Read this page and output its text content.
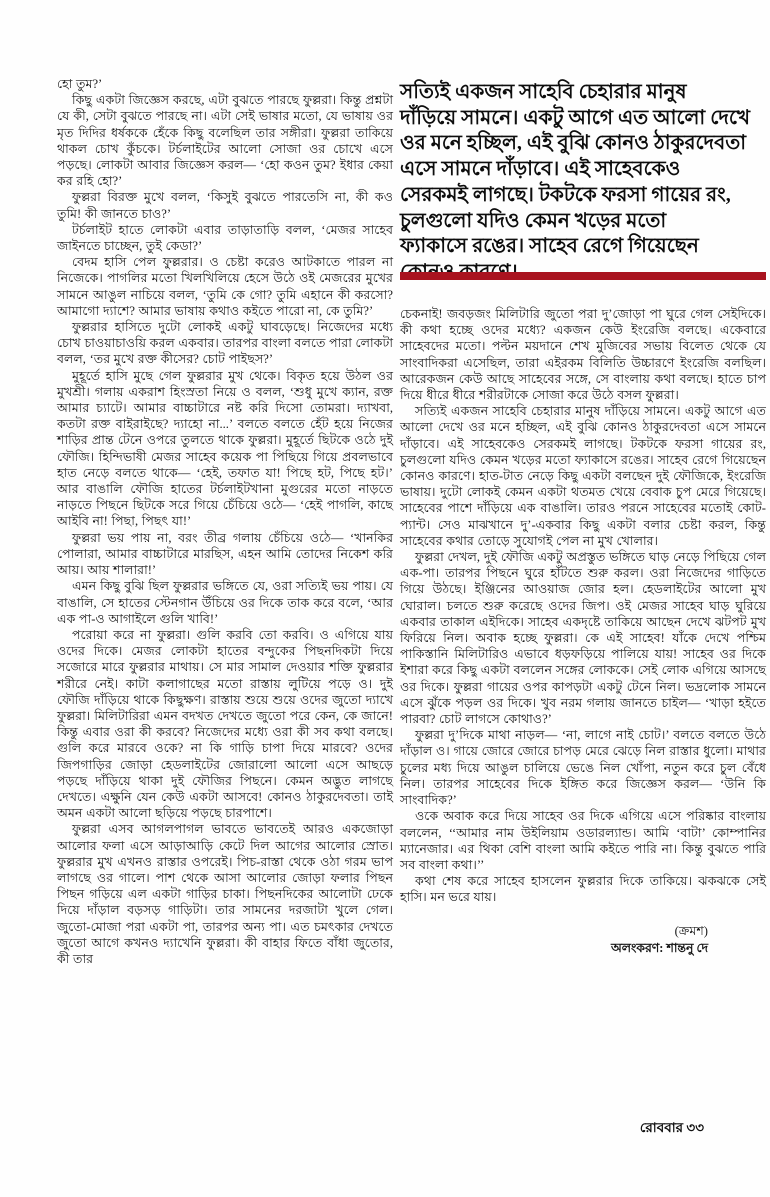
হো তুম?’

কিছু একটা জিজ্ঞেস করছে, এটা বুঝতে পারছে ফুল্লরা। কিন্তু প্রশ্নটা যে কী, সেটা বুঝতে পারছে না। এটা সেই ভাষার মতো, যে ভাষায় ওর মৃত দিদির ধর্ষককে হেঁকে কিছু বলেছিল তার সঙ্গীরা। ফুল্লরা তাকিয়ে থাকল চোখ কুঁচকে। টর্চলাইটের আলো সোজা ওর চোখে এসে পড়ছে। লোকটা আবার জিজ্ঞেস করল— ‘হো কওন তুম? ইধার কেয়া কর রহি হো?’

ফুল্লরা বিরক্ত মুখে বলল, ‘কিসুই বুঝতে পারতেসি না, কী কও তুমি! কী জানতে চাও?’

টর্চলাইট হাতে লোকটা এবার তাড়াতাড়ি বলল, ‘মেজর সাহেব জাইনতে চাচ্ছেন, তুই কেডা?’

বেদম হাসি পেল ফুল্লরার। ও চেষ্টা করেও আটকাতে পারল না নিজেকে। পাগলির মতো খিলখিলিয়ে হেসে উঠে ওই মেজরের মুখের সামনে আঙুল নাচিয়ে বলল, ‘তুমি কে গো? তুমি এহানে কী করসো? আমাগো দ্যাশে? আমার ভাষায় কথাও কইতে পারো না, কে তুমি?’

ফুল্লরার হাসিতে দুটো লোকই একটু ঘাবড়েছে। নিজেদের মধ্যে চোখ চাওয়াচাওয়ি করল একবার। তারপর বাংলা বলতে পারা লোকটা বলল, ‘তর মুখে রক্ত কীসের? চোট পাইছস?’

মুহূর্তে হাসি মুছে গেল ফুল্লরার মুখ থেকে। বিকৃত হয়ে উঠল ওর মুখশ্রী। গলায় একরাশ হিংস্রতা নিয়ে ও বলল, ‘শুধু মুখে ক্যান, রক্ত আমার চ্যাটে। আমার বাচ্চাটারে নষ্ট করি দিসো তোমরা। দ্যাখবা, কতটা রক্ত বাইরাইছে? দ্যাহো না...’ বলতে বলতে হেঁট হয়ে নিজের শাড়ির প্রান্ত টেনে ওপরে তুলতে থাকে ফুল্লরা। মুহূর্তে ছিটকে ওঠে দুই ফৌজি। হিন্দিভাষী মেজর সাহেব কয়েক পা পিছিয়ে গিয়ে প্রবলভাবে হাত নেড়ে বলতে থাকে— ‘হেই, তফাত যা! পিছে হট, পিছে হট।’ আর বাঙালি ফৌজি হাতের টর্চলাইটখানা মুগুরের মতো নাড়তে নাড়তে পিছনে ছিটকে সরে গিয়ে চেঁচিয়ে ওঠে— ‘হেই পাগলি, কাছে আইবি না! পিছা, পিছৎ যা!’

ফুল্লরা ভয় পায় না, বরং তীব্র গলায় চেঁচিয়ে ওঠে— ‘খানকির পোলারা, আমার বাচ্চাটারে মারছিস, এহন আমি তোদের নিকেশ করি আয়। আয় শালারা!’

এমন কিছু বুঝি ছিল ফুল্লরার ভঙ্গিতে যে, ওরা সত্যিই ভয় পায়। যে বাঙালি, সে হাতের স্টেনগান উঁচিয়ে ওর দিকে তাক করে বলে, ‘আর এক পা-ও আগাইলে গুলি খাবি!’

পরোয়া করে না ফুল্লরা। গুলি করবি তো করবি। ও এগিয়ে যায় ওদের দিকে। মেজর লোকটা হাতের বন্দুকের পিছনদিকটা দিয়ে সজোরে মারে ফুল্লরার মাথায়। সে মার সামাল দেওয়ার শক্তি ফুল্লরার শরীরে নেই। কাটা কলাগাছের মতো রাস্তায় লুটিয়ে পড়ে ও। দুই ফৌজি দাঁড়িয়ে থাকে কিছুক্ষণ। রাস্তায় শুয়ে শুয়ে ওদের জুতো দ্যাখে ফুল্লরা। মিলিটারিরা এমন বদখত দেখতে জুতো পরে কেন, কে জানে! কিন্তু এবার ওরা কী করবে? নিজেদের মধ্যে ওরা কী সব কথা বলছে। গুলি করে মারবে ওকে? না কি গাড়ি চাপা দিয়ে মারবে? ওদের জিপগাড়ির জোড়া হেডলাইটের জোরালো আলো এসে আছড়ে পড়ছে দাঁড়িয়ে থাকা দুই ফৌজির পিছনে। কেমন অদ্ভুত লাগছে দেখতে। এক্ষুনি যেন কেউ একটা আসবে! কোনও ঠাকুরদেবতা। তাই অমন একটা আলো ছড়িয়ে পড়ছে চারপাশে।

ফুল্লরা এসব আগলপাগল ভাবতে ভাবতেই আরও একজোড়া আলোর ফলা এসে আড়াআড়ি কেটে দিল আগের আলোর স্রোত। ফুল্লরার মুখ এখনও রাস্তার ওপরেই। পিচ-রাস্তা থেকে ওঠা গরম ভাপ লাগছে ওর গালে। পাশ থেকে আসা আলোর জোড়া ফলার পিছন পিছন গড়িয়ে এল একটা গাড়ির চাকা। পিছনদিকের আলোটা ঢেকে দিয়ে দাঁড়াল বড়সড় গাড়িটা। তার সামনের দরজাটা খুলে গেল। জুতো-মোজা পরা একটা পা, তারপর অন্য পা। এত চমৎকার দেখতে জুতো আগে কখনও দ্যাখেনি ফুল্লরা। কী বাহার ফিতে বাঁধা জুতোর, কী তার

সত্যিই একজন সাহেবি চেহারার মানুষ
দাঁড়িয়ে সামনে। একটু আগে এত আলো দেখে
ওর মনে হচ্ছিল, এই বুঝি কোনও ঠাকুরদেবতা
এসে সামনে দাঁড়াবে। এই সাহেবকেও
সেরকমই লাগছে। টকটকে ফরসা গায়ের রং,
চুলগুলো যদিও কেমন খড়ের মতো
ফ্যাকাসে রঙের। সাহেব রেগে গিয়েছেন

চেকনাই! জবড়জং মিলিটারি জুতো পরা দু’জোড়া পা ঘুরে গেল সেইদিকে। কী কথা হচ্ছে ওদের মধ্যে? একজন কেউ ইংরেজি বলছে। একেবারে সাহেবদের মতো। পল্টন ময়দানে শেখ মুজিবের সভায় বিলেত থেকে যে সাংবাদিকরা এসেছিল, তারা এইরকম বিলিতি উচ্চারণে ইংরেজি বলছিল। আরেকজন কেউ আছে সাহেবের সঙ্গে, সে বাংলায় কথা বলছে। হাতে চাপ দিয়ে ধীরে ধীরে শরীরটাকে সোজা করে উঠে বসল ফুল্লরা।

সত্যিই একজন সাহেবি চেহারার মানুষ দাঁড়িয়ে সামনে। একটু আগে এত আলো দেখে ওর মনে হচ্ছিল, এই বুঝি কোনও ঠাকুরদেবতা এসে সামনে দাঁড়াবে। এই সাহেবকেও সেরকমই লাগছে। টকটকে ফরসা গায়ের রং, চুলগুলো যদিও কেমন খড়ের মতো ফ্যাকাসে রঙের। সাহেব রেগে গিয়েছেন কোনও কারণে। হাত-টাত নেড়ে কিছু একটা বলছেন দুই ফৌজিকে, ইংরেজি ভাষায়। দুটো লোকই কেমন একটা থতমত খেয়ে বেবাক চুপ মেরে গিয়েছে। সাহেবের পাশে দাঁড়িয়ে এক বাঙালি। তারও পরনে সাহেবের মতোই কোট-প্যান্ট। সেও মাঝখানে দু’-একবার কিছু একটা বলার চেষ্টা করল, কিন্তু সাহেবের কথার তোড়ে সুযোগই পেল না মুখ খোলার।

ফুল্লরা দেখল, দুই ফৌজি একটু অপ্রস্তুত ভঙ্গিতে ঘাড় নেড়ে পিছিয়ে গেল এক-পা। তারপর পিছনে ঘুরে হাঁটতে শুরু করল। ওরা নিজেদের গাড়িতে গিয়ে উঠছে। ইঞ্জিনের আওয়াজ জোর হল। হেডলাইটের আলো মুখ ঘোরাল। চলতে শুরু করেছে ওদের জিপ। ওই মেজর সাহেব ঘাড় ঘুরিয়ে একবার তাকাল এইদিকে। সাহেব একদৃষ্টে তাকিয়ে আছেন দেখে ঝটপট মুখ ফিরিয়ে নিল। অবাক হচ্ছে ফুল্লরা। কে এই সাহেব! যাঁকে দেখে পশ্চিম পাকিস্তানি মিলিটারিও এভাবে ধড়ফড়িয়ে পালিয়ে যায়! সাহেব ওর দিকে ইশারা করে কিছু একটা বললেন সঙ্গের লোককে। সেই লোক এগিয়ে আসছে ওর দিকে। ফুল্লরা গায়ের ওপর কাপড়টা একটু টেনে নিল। ভদ্রলোক সামনে এসে ঝুঁকে পড়ল ওর দিকে। খুব নরম গলায় জানতে চাইল— ‘খাড়া হইতে পারবা? চোট লাগসে কোথাও?’

ফুল্লরা দু’দিকে মাথা নাড়ল— ‘না, লাগে নাই চোট।’ বলতে বলতে উঠে দাঁড়াল ও। গায়ে জোরে জোরে চাপড় মেরে ঝেড়ে নিল রাস্তার ধুলো। মাথার চুলের মধ্য দিয়ে আঙুল চালিয়ে ভেঙে নিল খোঁপা, নতুন করে চুল বেঁধে নিল। তারপর সাহেবের দিকে ইঙ্গিত করে জিজ্ঞেস করল— ‘উনি কি সাংবাদিক?’

ওকে অবাক করে দিয়ে সাহেব ওর দিকে এগিয়ে এসে পরিষ্কার বাংলায় বললেন, ‘‘আমার নাম উইলিয়াম ওডারল্যান্ড। আমি ‘বাটা’ কোম্পানির ম্যানেজার। এর থিকা বেশি বাংলা আমি কইতে পারি না। কিন্তু বুঝতে পারি সব বাংলা কথা।’’

কথা শেষ করে সাহেব হাসলেন ফুল্লরার দিকে তাকিয়ে। ঝকঝকে সেই হাসি। মন ভরে যায়।

(ক্রমশ)
অলংকরণ: শান্তনু দে
রোববার ৩৩
